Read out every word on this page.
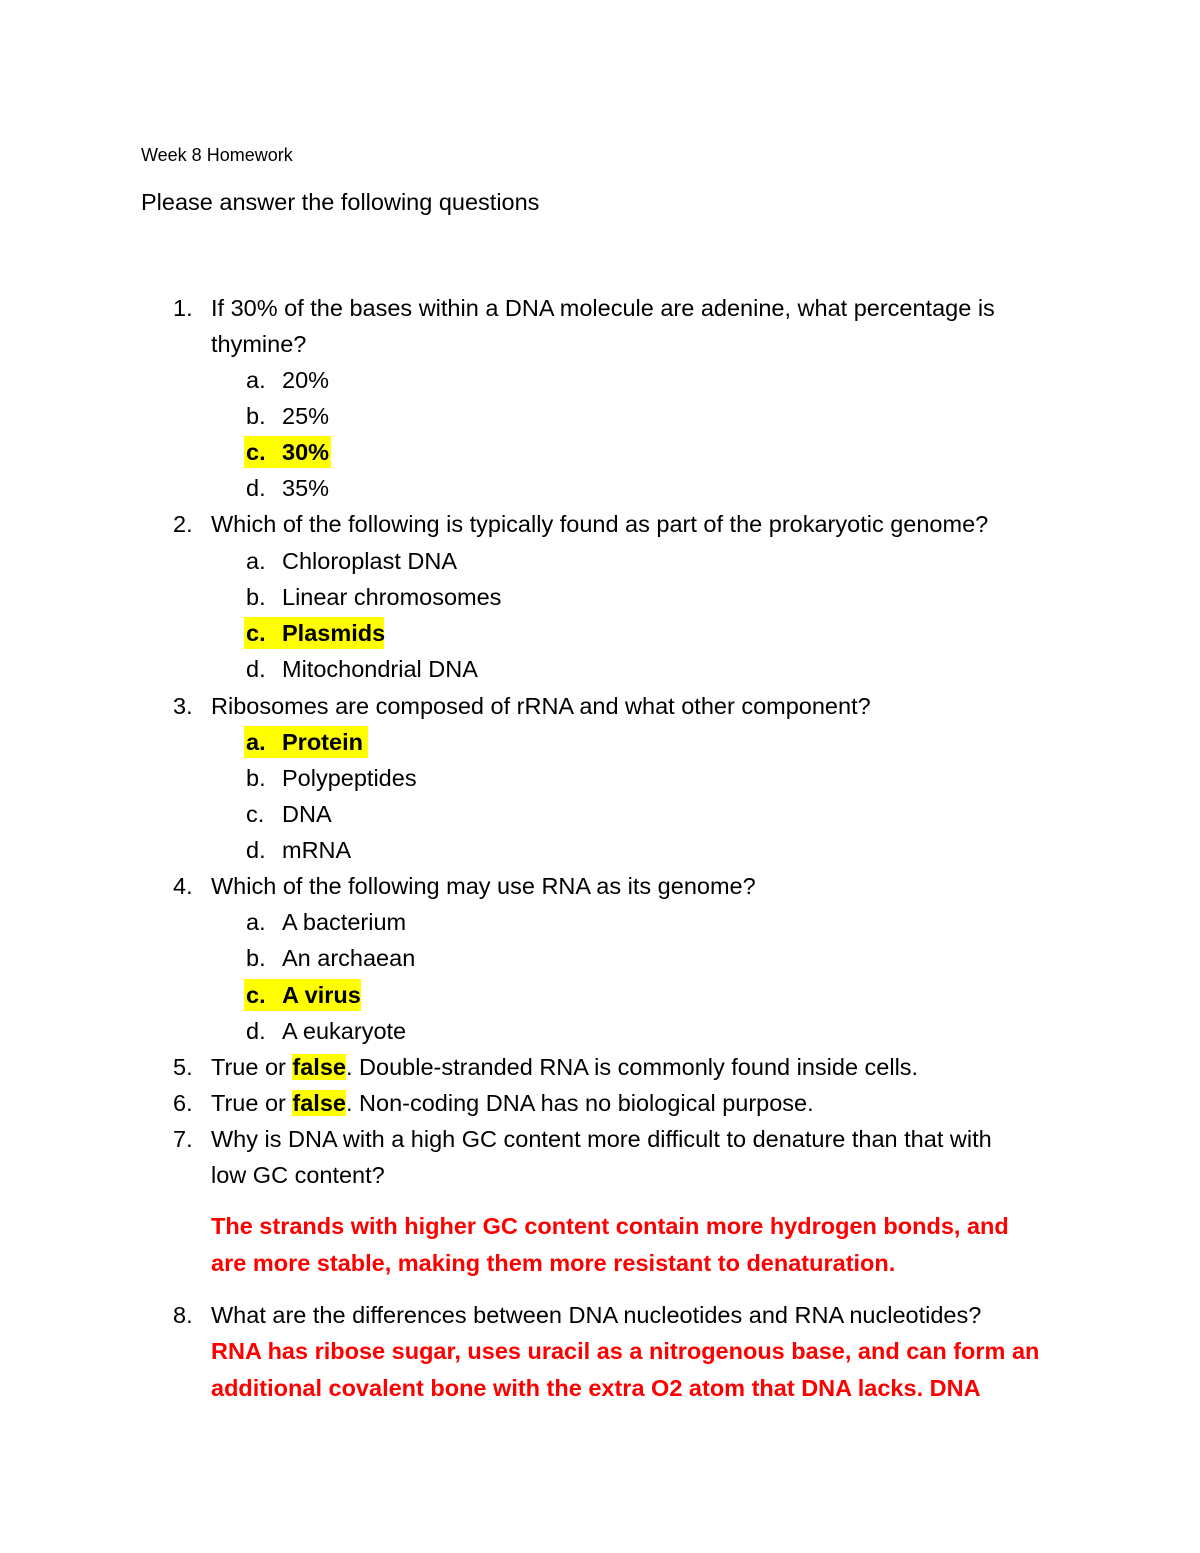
Week 8 Homework
Please answer the following questions
1. If 30% of the bases within a DNA molecule are adenine, what percentage is thymine?
a. 20%
b. 25%
c. 30%
d. 35%
2. Which of the following is typically found as part of the prokaryotic genome?
a. Chloroplast DNA
b. Linear chromosomes
c. Plasmids
d. Mitochondrial DNA
3. Ribosomes are composed of rRNA and what other component?
a. Protein
b. Polypeptides
c. DNA
d. mRNA
4. Which of the following may use RNA as its genome?
a. A bacterium
b. An archaean
c. A virus
d. A eukaryote
5. True or false. Double-stranded RNA is commonly found inside cells.
6. True or false. Non-coding DNA has no biological purpose.
7. Why is DNA with a high GC content more difficult to denature than that with low GC content?
The strands with higher GC content contain more hydrogen bonds, and are more stable, making them more resistant to denaturation.
8. What are the differences between DNA nucleotides and RNA nucleotides?
RNA has ribose sugar, uses uracil as a nitrogenous base, and can form an additional covalent bone with the extra O2 atom that DNA lacks. DNA
